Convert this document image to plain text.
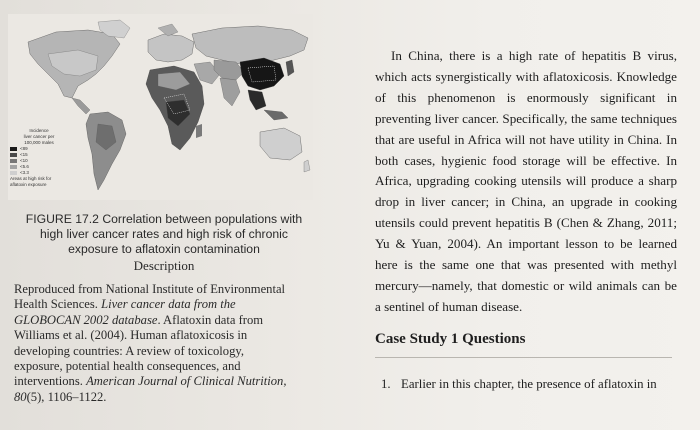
Incidence
liver cancer per
100,000 males
<89
<15
<10
<5.6
<3.3
Areas at high risk for
aflatoxin exposure
FIGURE 17.2 Correlation between populations with
high liver cancer rates and high risk of chronic
exposure to aflatoxin contamination
Description
Reproduced from National Institute of Environmental
Health Sciences. Liver cancer data from the
GLOBOCAN 2002 database. Aflatoxin data from
Williams et al. (2004). Human aflatoxicosis in
developing countries: A review of toxicology,
exposure, potential health consequences, and
interventions. American Journal of Clinical Nutrition,
80(5), 1106–1122.
In China, there is a high rate of hepatitis B virus, which acts synergistically with aflatoxicosis. Knowledge of this phenomenon is enormously significant in preventing liver cancer. Specifically, the same techniques that are useful in Africa will not have utility in China. In both cases, hygienic food storage will be effective. In Africa, upgrading cooking utensils will produce a sharp drop in liver cancer; in China, an upgrade in cooking utensils could prevent hepatitis B (Chen & Zhang, 2011; Yu & Yuan, 2004). An important lesson to be learned here is the same one that was presented with methyl mercury—namely, that domestic or wild animals can be a sentinel of human disease.
Case Study 1 Questions
1. Earlier in this chapter, the presence of aflatoxin in
